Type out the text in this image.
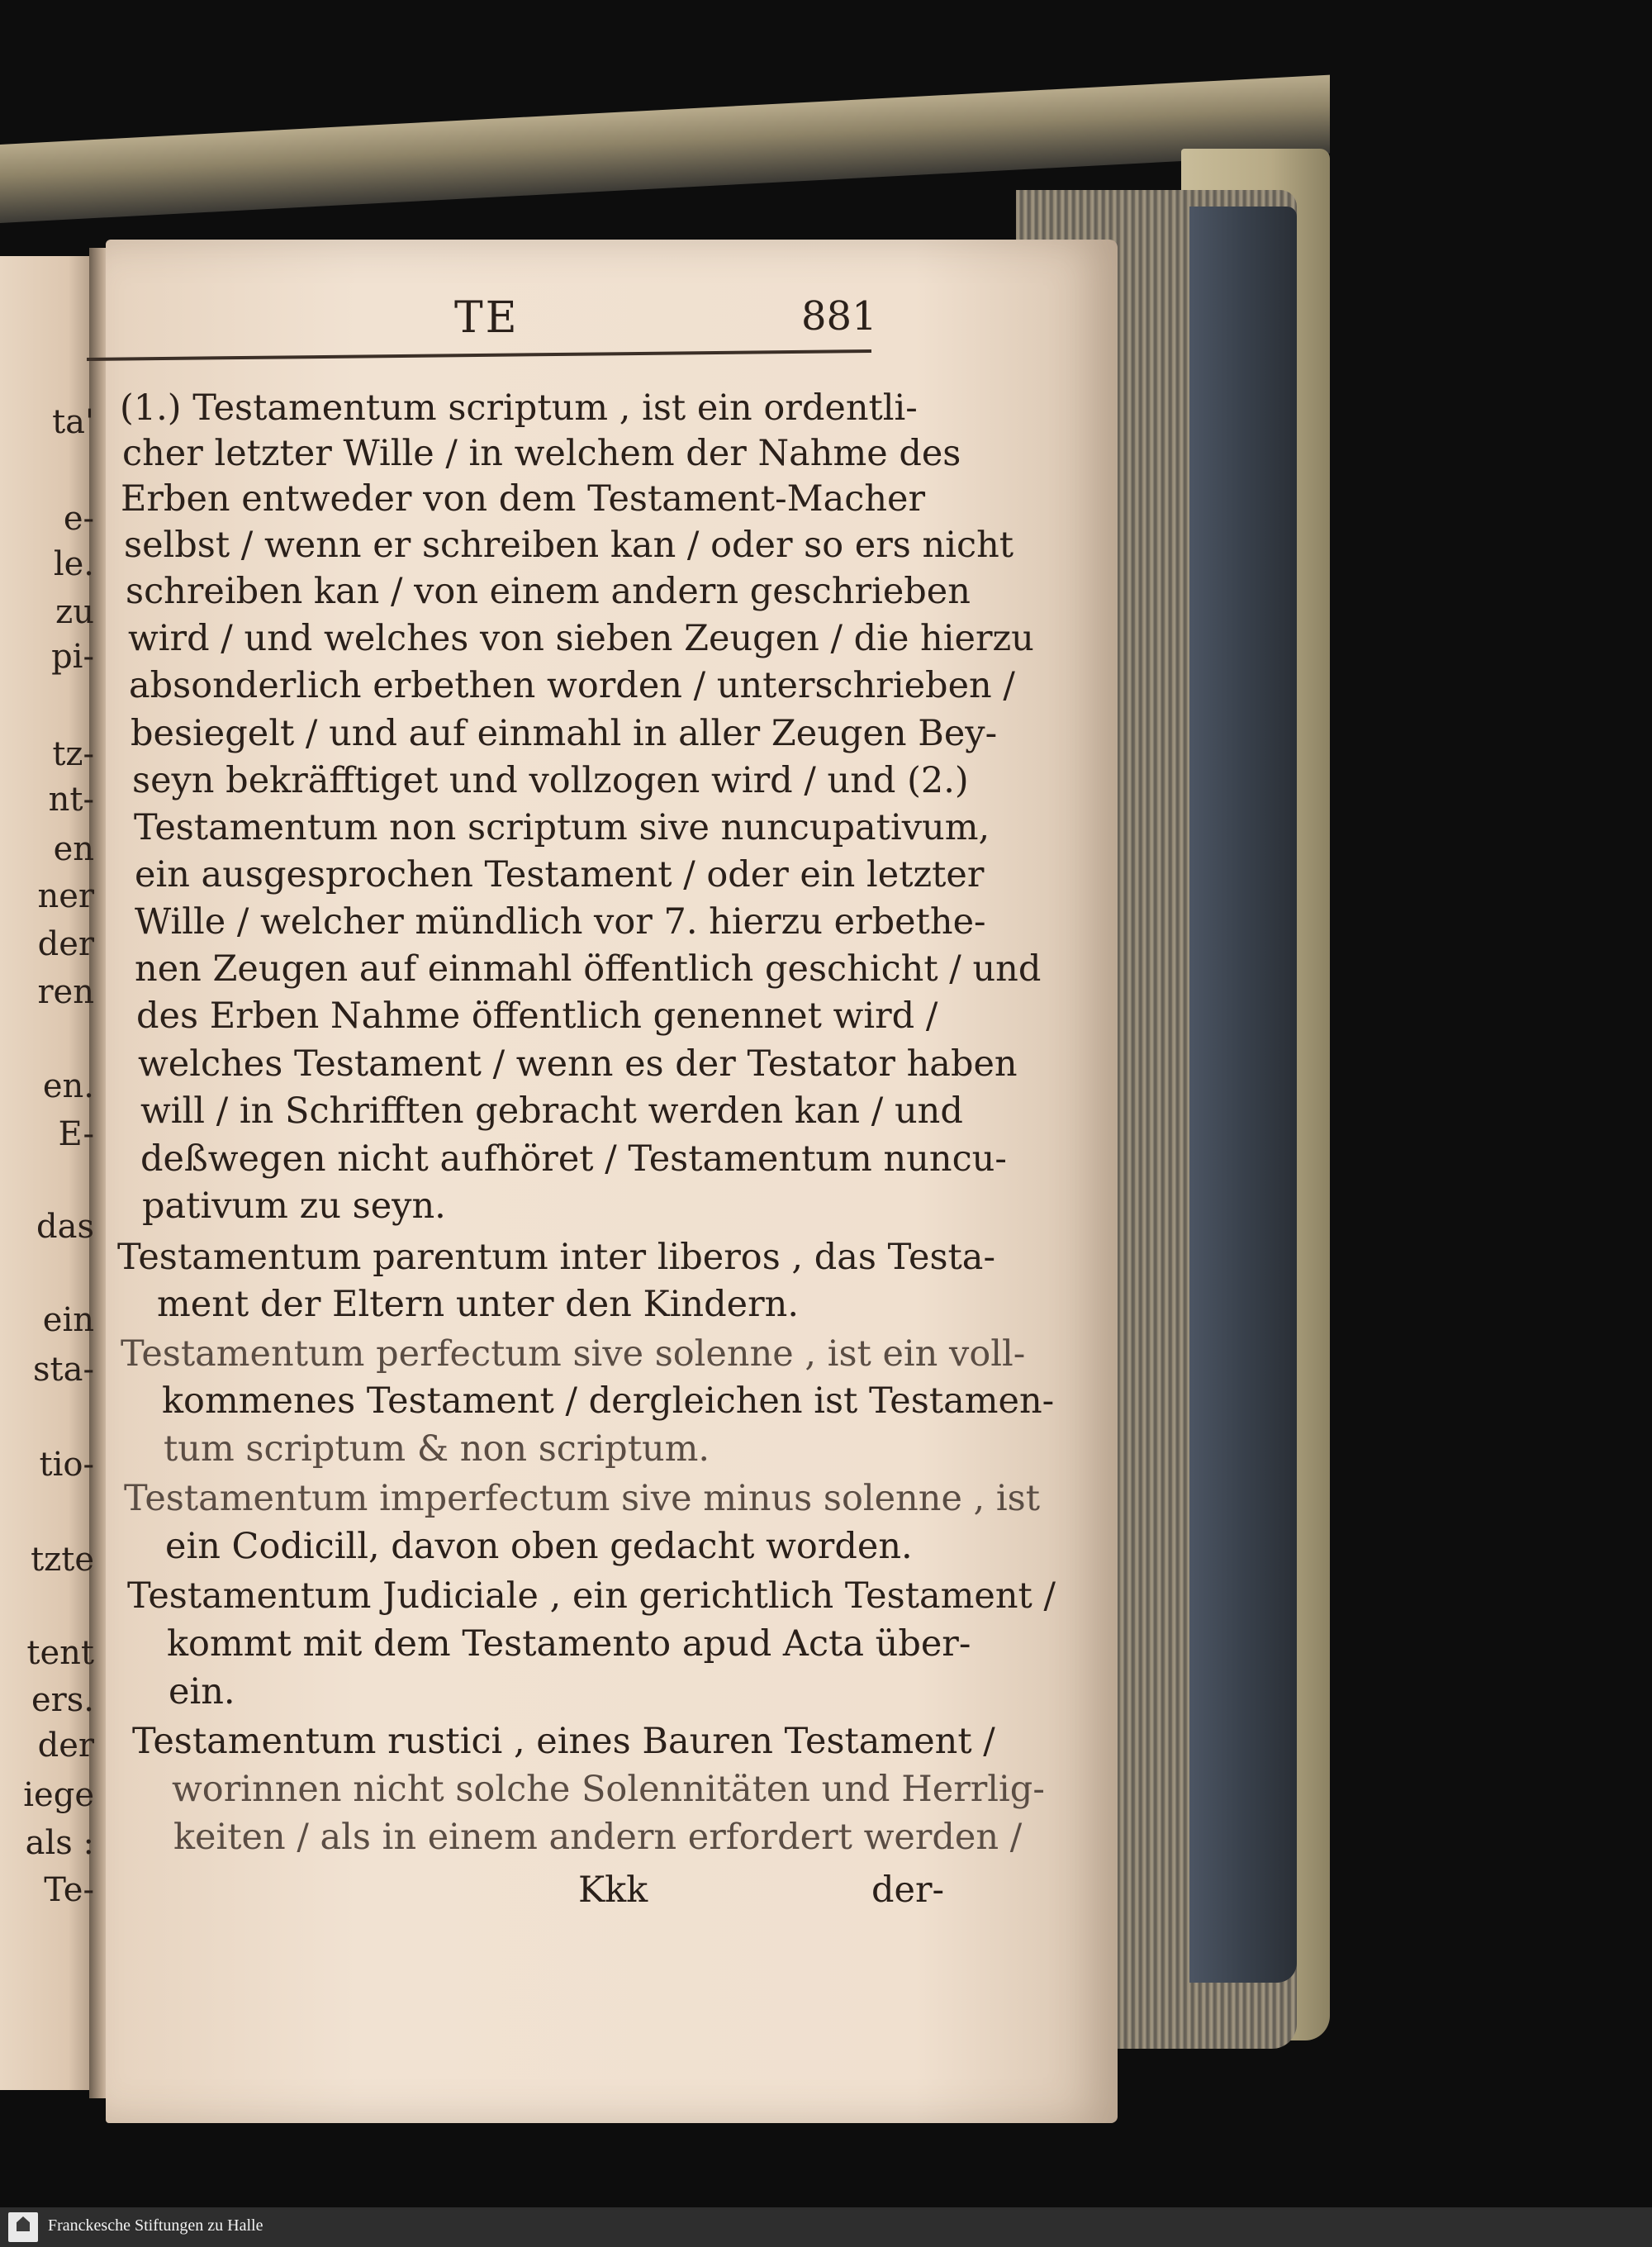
TE	881
(1.) Testamentum scriptum , ist ein ordentli-
cher letzter Wille / in welchem der Nahme des
Erben entweder von dem Testament-Macher
selbst / wenn er schreiben kan / oder so ers nicht
schreiben kan / von einem andern geschrieben
wird / und welches von sieben Zeugen / die hierzu
absonderlich erbethen worden / unterschrieben /
besiegelt / und auf einmahl in aller Zeugen Bey-
seyn bekräfftiget und vollzogen wird / und (2.)
Testamentum non scriptum sive nuncupativum,
ein ausgesprochen Testament / oder ein letzter
Wille / welcher mündlich vor 7. hierzu erbethe-
nen Zeugen auf einmahl öffentlich geschicht / und
des Erben Nahme öffentlich genennet wird /
welches Testament / wenn es der Testator haben
will / in Schrifften gebracht werden kan / und
deßwegen nicht aufhöret / Testamentum nuncu-
pativum zu seyn.
Testamentum parentum inter liberos , das Testa-
ment der Eltern unter den Kindern.
Testamentum perfectum sive solenne , ist ein voll-
kommenes Testament / dergleichen ist Testamen-
tum scriptum & non scriptum.
Testamentum imperfectum sive minus solenne , ist
ein Codicill, davon oben gedacht worden.
Testamentum Judiciale , ein gerichtlich Testament /
kommt mit dem Testamento apud Acta über-
ein.
Testamentum rustici , eines Bauren Testament /
worinnen nicht solche Solennitäten und Herrlig-
keiten / als in einem andern erfordert werden /
Kkk	der-
ta'
e-
le.
zu
pi-
tz-
nt-
en
ner
der
ren
en.
E-
das
ein
sta-
tio-
tzte
tent
ers.
der
iege
als :
Te-
Franckesche Stiftungen zu Halle
